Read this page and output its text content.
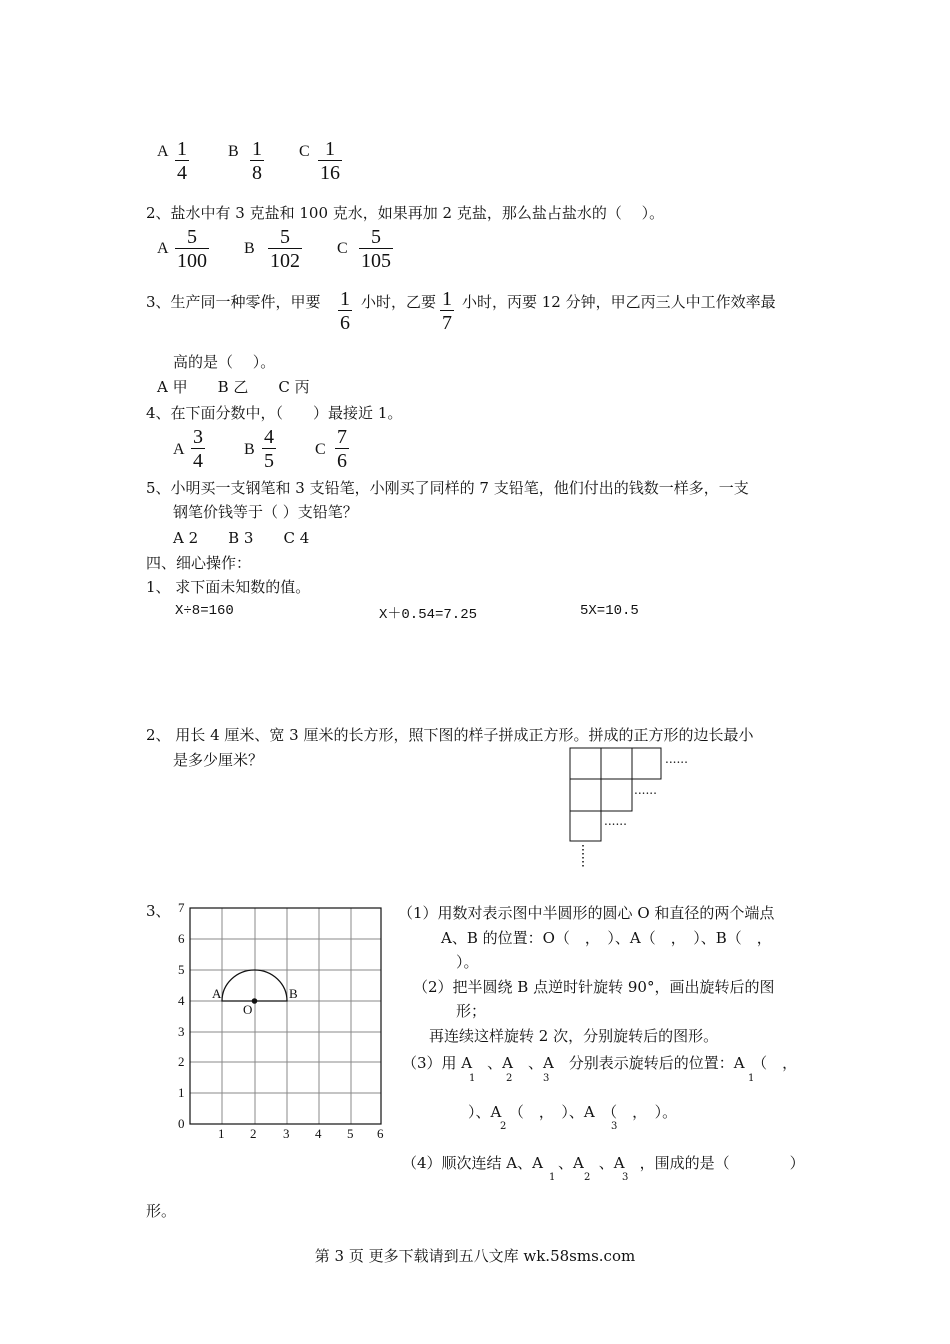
A $\frac{1}{4}$ B $\frac{1}{8}$ C $\frac{1}{16}$
2、盐水中有 3 克盐和 100 克水，如果再加 2 克盐，那么盐占盐水的（　 ）。
A $\frac{5}{100}$ B $\frac{5}{102}$ C $\frac{5}{105}$
3、生产同一种零件，甲要 $\frac{1}{6}$ 小时，乙要 $\frac{1}{7}$ 小时，丙要 12 分钟，甲乙丙三人中工作效率最
高的是（　 ）。
A 甲　　B 乙　　C 丙
4、在下面分数中，（　　）最接近 1。
A $\frac{3}{4}$ B $\frac{4}{5}$ C $\frac{7}{6}$
5、小明买一支钢笔和 3 支铅笔，小刚买了同样的 7 支铅笔，他们付出的钱数一样多，一支
钢笔价钱等于（ ）支铅笔？
A 2　　B 3　　C 4
四、细心操作：
1、 求下面未知数的值。
X÷8=160	X＋0.54=7.25	5X=10.5
2、 用长 4 厘米、宽 3 厘米的长方形，照下图的样子拼成正方形。拼成的正方形的边长最小
是多少厘米？	......
......
......
3、 7
6
5
4
3
2
1
0
1 2 3 4 5 6
A	B
O
（1）用数对表示图中半圆形的圆心 O 和直径的两个端点
A、B 的位置：O（　，　）、A（　，　）、B（　，
）。
（2）把半圆绕 B 点逆时针旋转 90°，画出旋转后的图
形；
再连续这样旋转 2 次，分别旋转后的图形。
（3）用 A　、A　、A　分别表示旋转后的位置：A　（　，
1	2	3	1
）、A　（　，　）、A　（　，　）。
2	3
（4）顺次连结 A、A　、A　、A　，围成的是（　　　　）
1	2	3
形。
第 3 页 更多下载请到五八文库 wk.58sms.com
